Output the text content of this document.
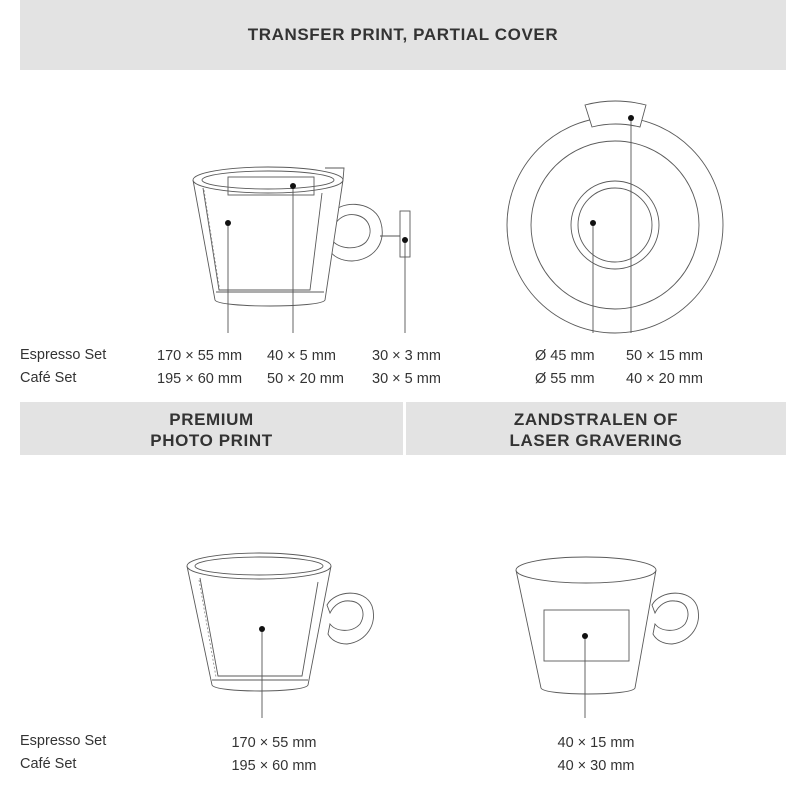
TRANSFER PRINT, PARTIAL COVER
PREMIUM
PHOTO PRINT
ZANDSTRALEN OF
LASER GRAVERING
Espresso Set
Café Set
170 × 55 mm
195 × 60 mm
40 × 5 mm
50 × 20 mm
30 × 3 mm
30 × 5 mm
Ø 45 mm
Ø 55 mm
50 × 15 mm
40 × 20 mm
Espresso Set
Café Set
170 × 55 mm
195 × 60 mm
40 × 15 mm
40 × 30 mm
